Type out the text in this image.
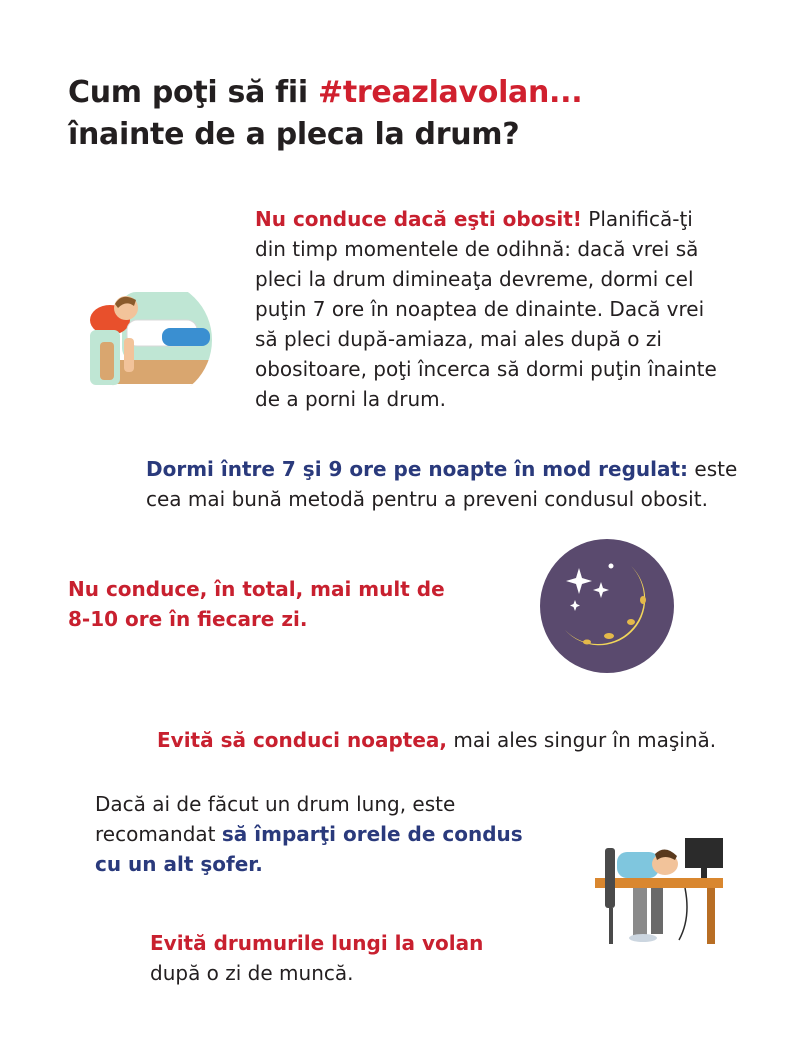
Cum poţi să fii #treazlavolan...
înainte de a pleca la drum?

Nu conduce dacă eşti obosit! Planifică-ţi din timp momentele de odihnă: dacă vrei să pleci la drum dimineaţa devreme, dormi cel puţin 7 ore în noaptea de dinainte. Dacă vrei să pleci după-amiaza, mai ales după o zi obositoare, poţi încerca să dormi puţin înainte de a porni la drum.

Dormi între 7 şi 9 ore pe noapte în mod regulat: este cea mai bună metodă pentru a preveni condusul obosit.

Nu conduce, în total, mai mult de 8-10 ore în fiecare zi.

Evită să conduci noaptea, mai ales singur în maşină.

Dacă ai de făcut un drum lung, este recomandat să împarţi orele de condus cu un alt şofer.

Evită drumurile lungi la volan
după o zi de muncă.
